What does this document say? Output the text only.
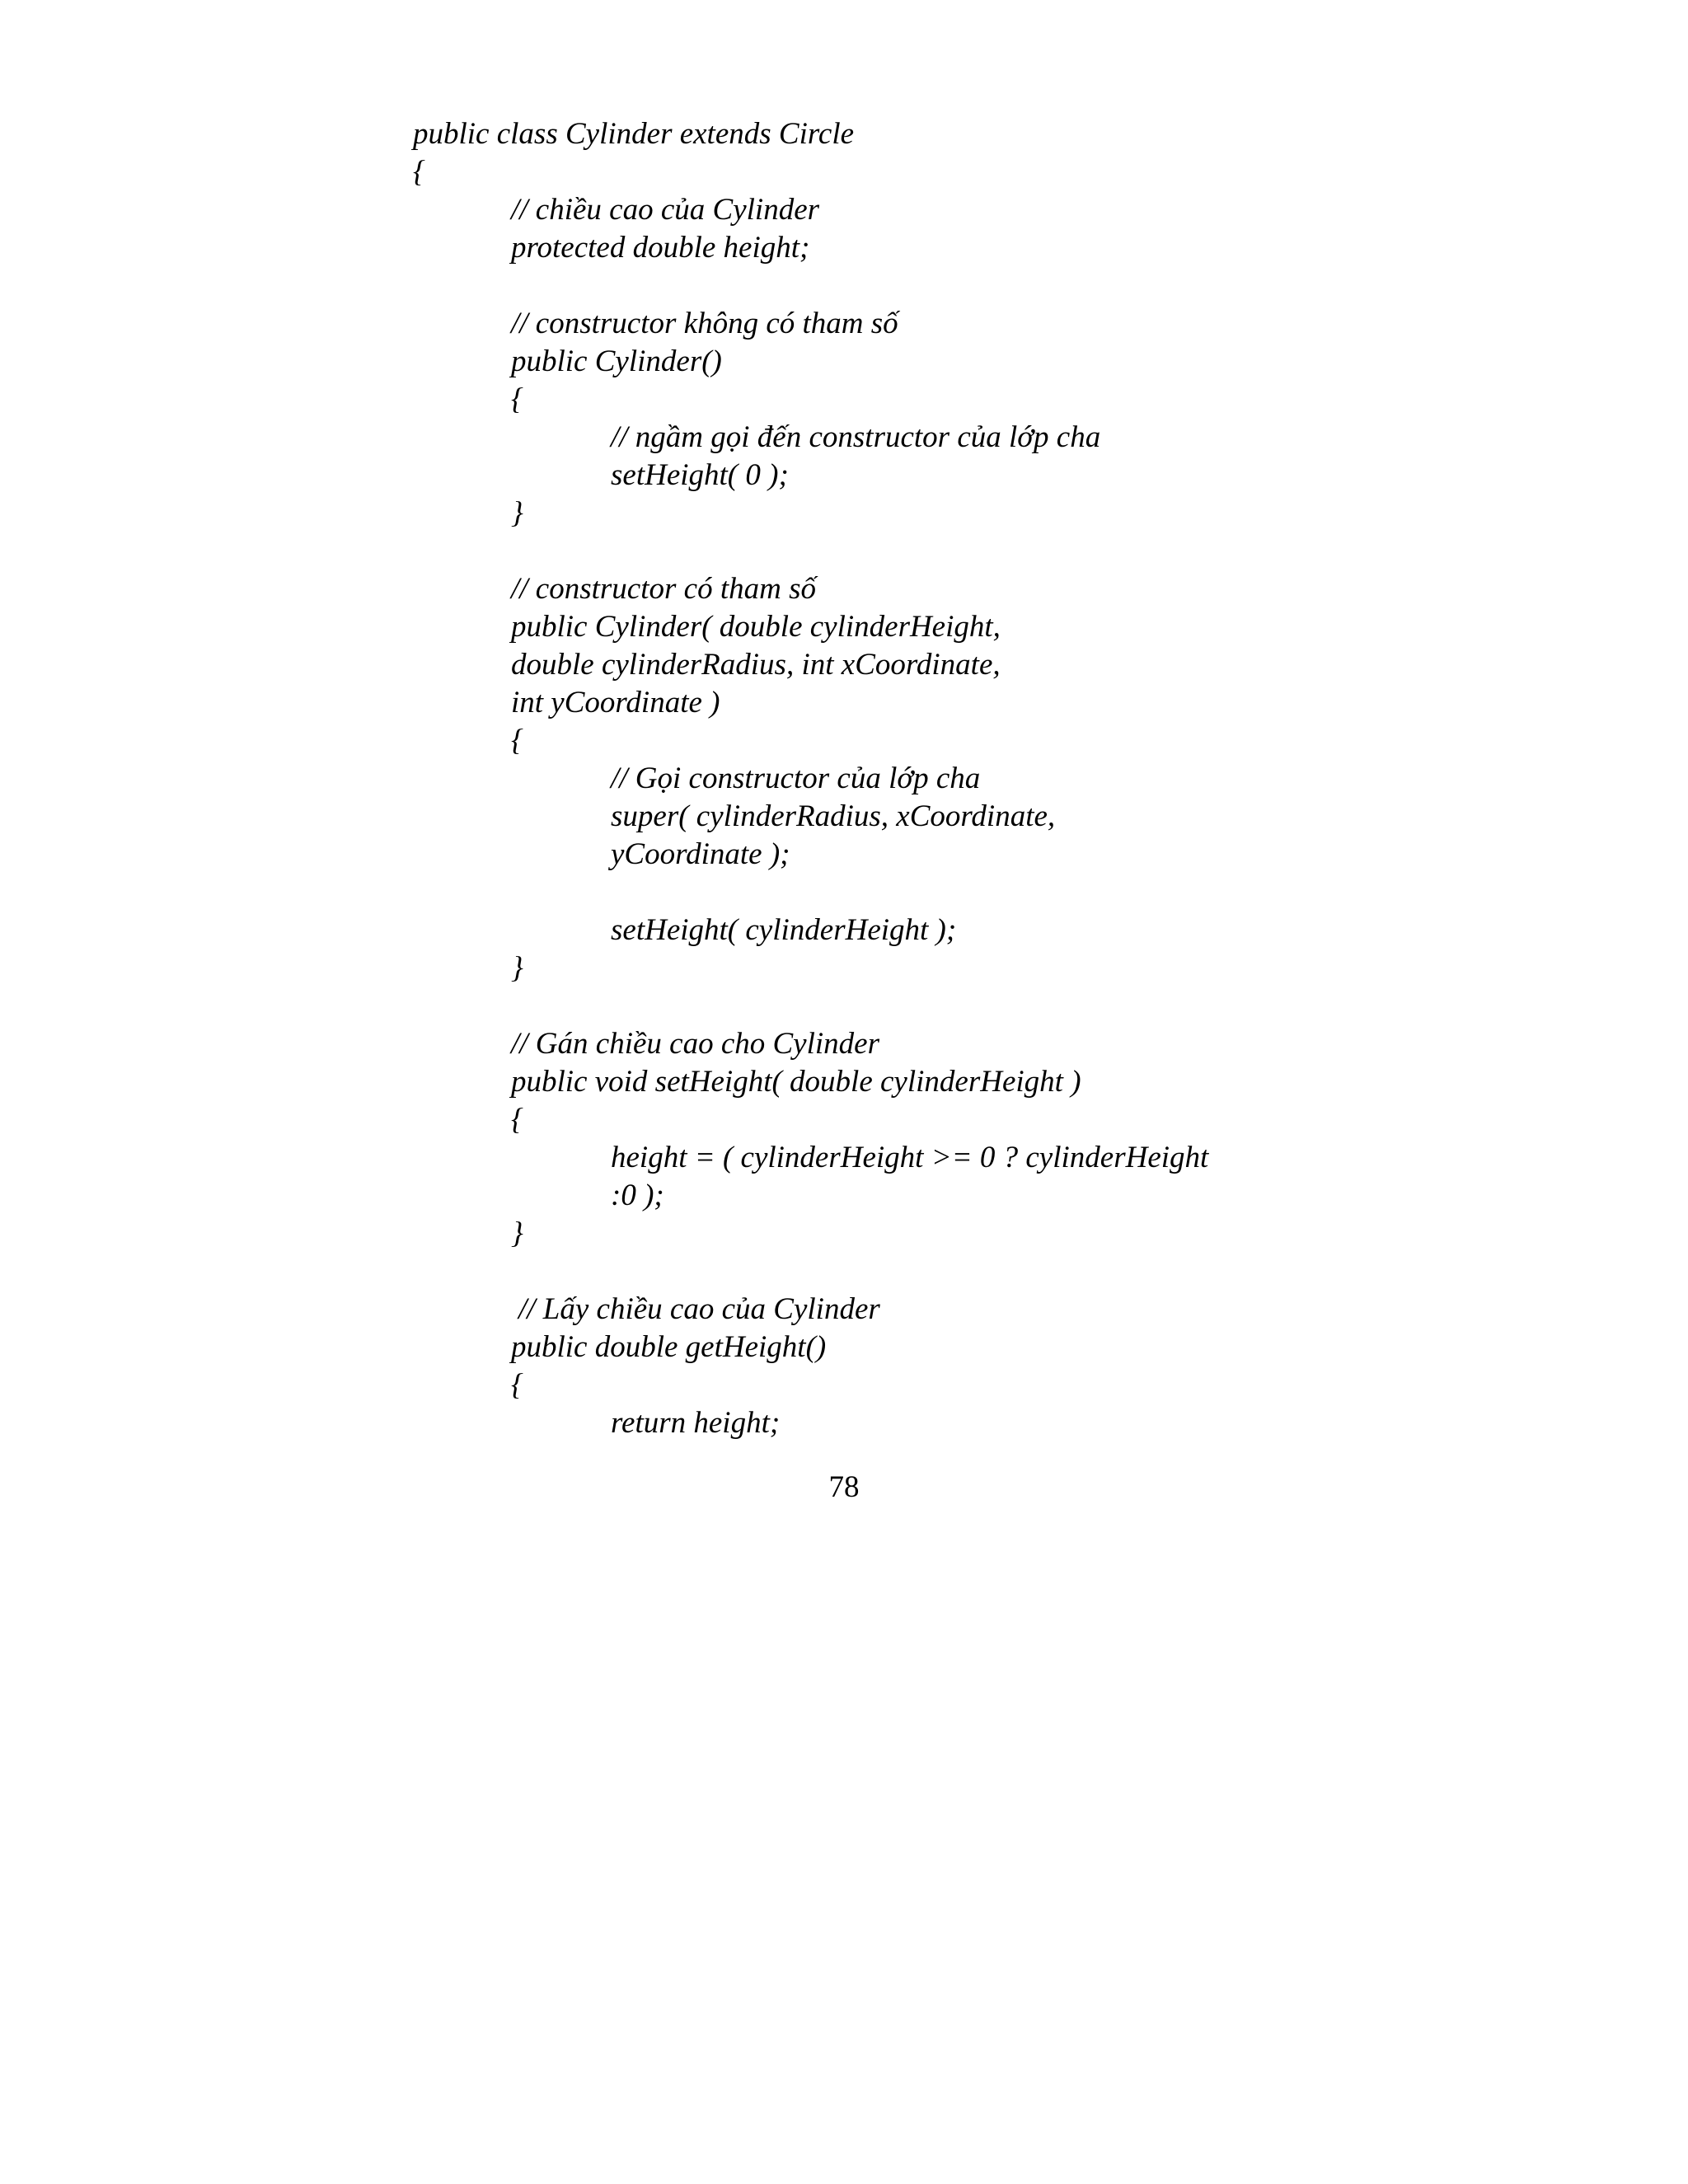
public class Cylinder extends Circle
{
// chiều cao của Cylinder
protected double height;
// constructor không có tham số
public Cylinder()
{
// ngầm gọi đến constructor của lớp cha
setHeight( 0 );
}
// constructor có tham số
public Cylinder( double cylinderHeight,
double cylinderRadius, int xCoordinate,
int yCoordinate )
{
// Gọi constructor của lớp cha
super( cylinderRadius, xCoordinate,
yCoordinate );
setHeight( cylinderHeight );
}
// Gán chiều cao cho Cylinder
public void setHeight( double cylinderHeight )
{
height = ( cylinderHeight >= 0 ? cylinderHeight
:0 );
}
// Lấy chiều cao của Cylinder
public double getHeight()
{
return height;
78
